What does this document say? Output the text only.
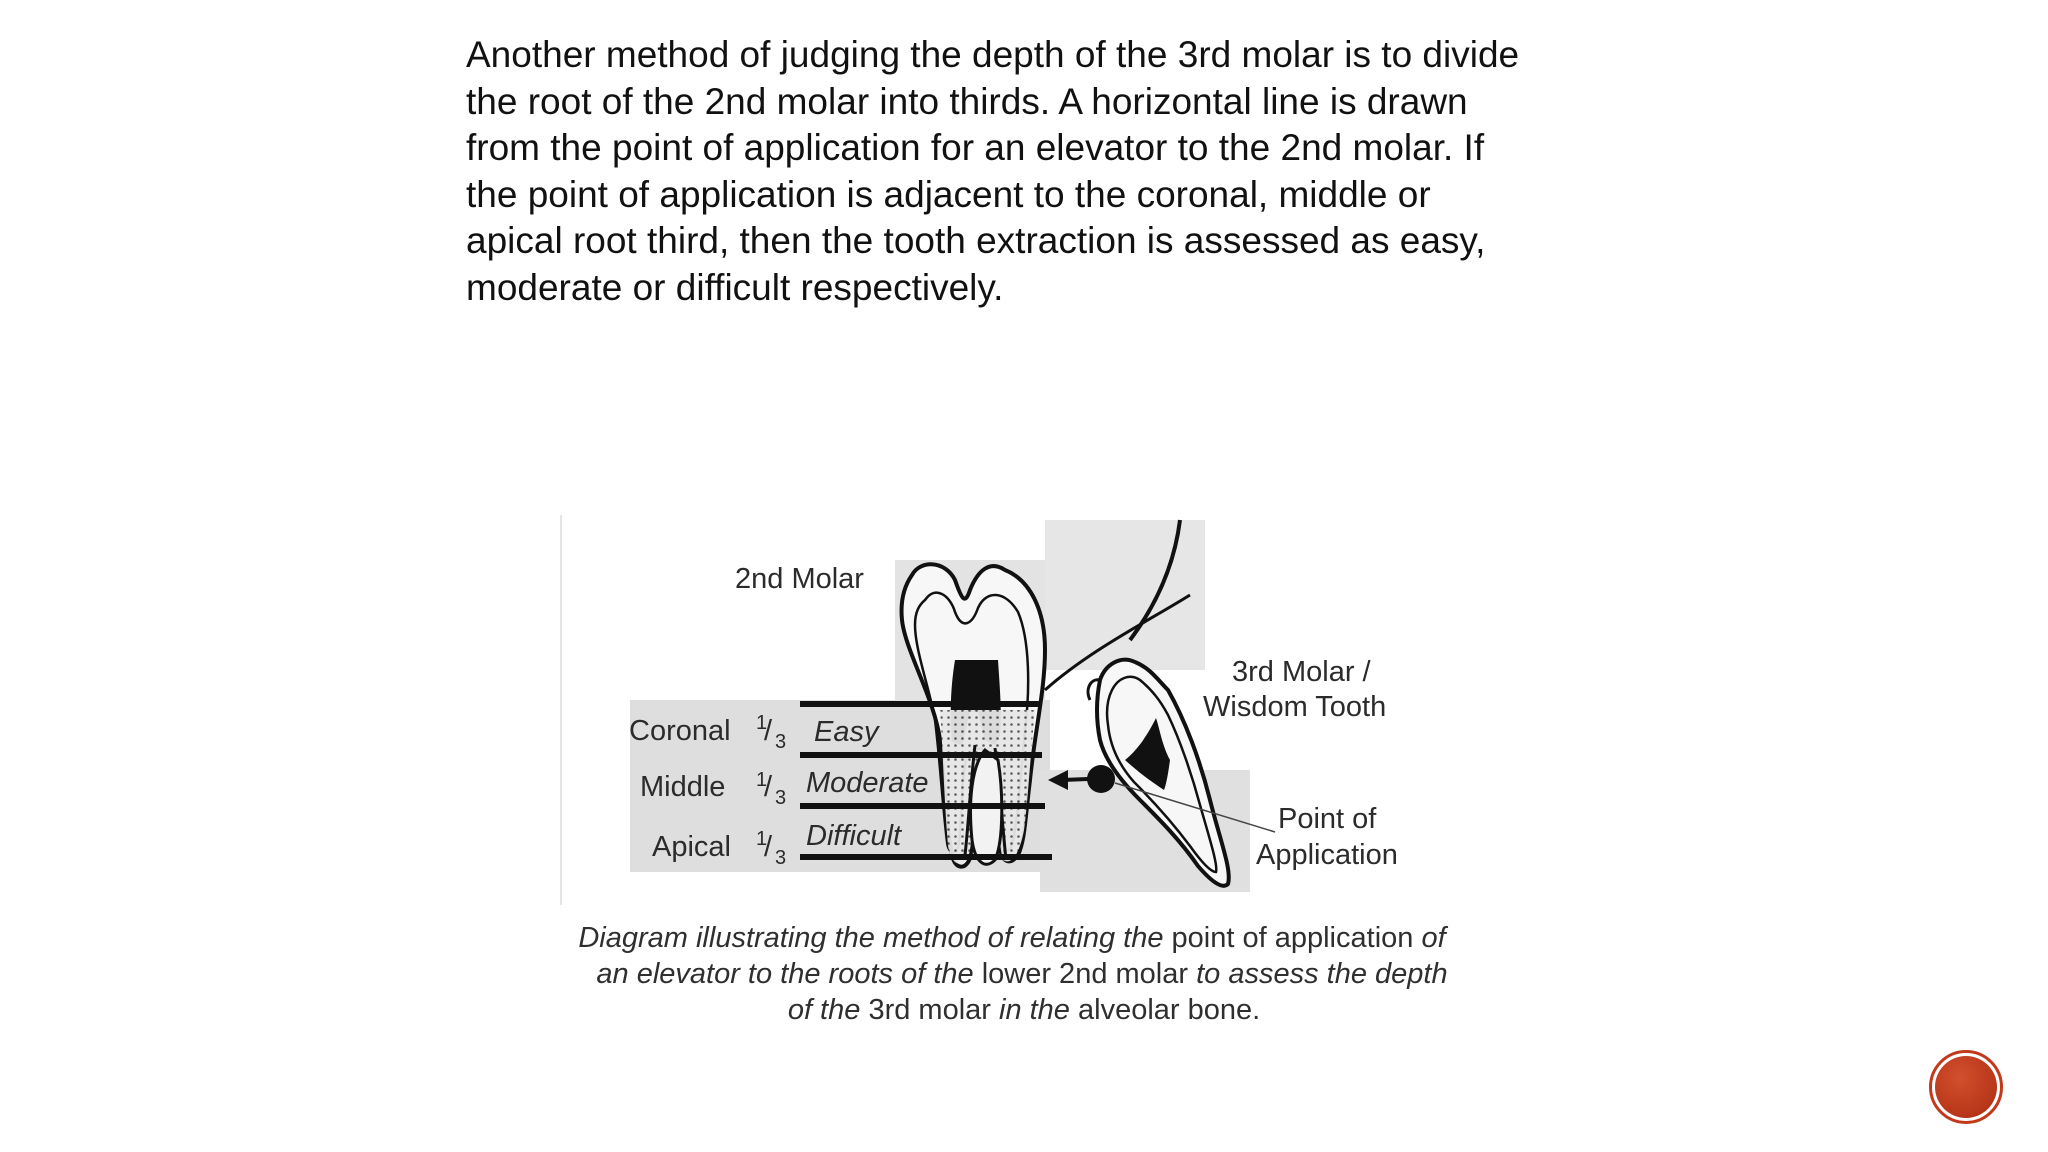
Another method of judging the depth of the 3rd molar is to divide
the root of the 2nd molar into thirds. A horizontal line is drawn
from the point of application for an elevator to the 2nd molar. If
the point of application is adjacent to the coronal, middle or
apical root third, then the tooth extraction is assessed as easy,
moderate or difficult respectively.

2nd Molar
3rd Molar /
Wisdom Tooth
Point of
Application
Coronal 1
/ 3 Easy
Middle 1
/ 3 Moderate
Apical 1
/ 3
Difficult
Diagram illustrating the method of relating the point of application of
an elevator to the roots of the lower 2nd molar to assess the depth
of the 3rd molar in the alveolar bone.
